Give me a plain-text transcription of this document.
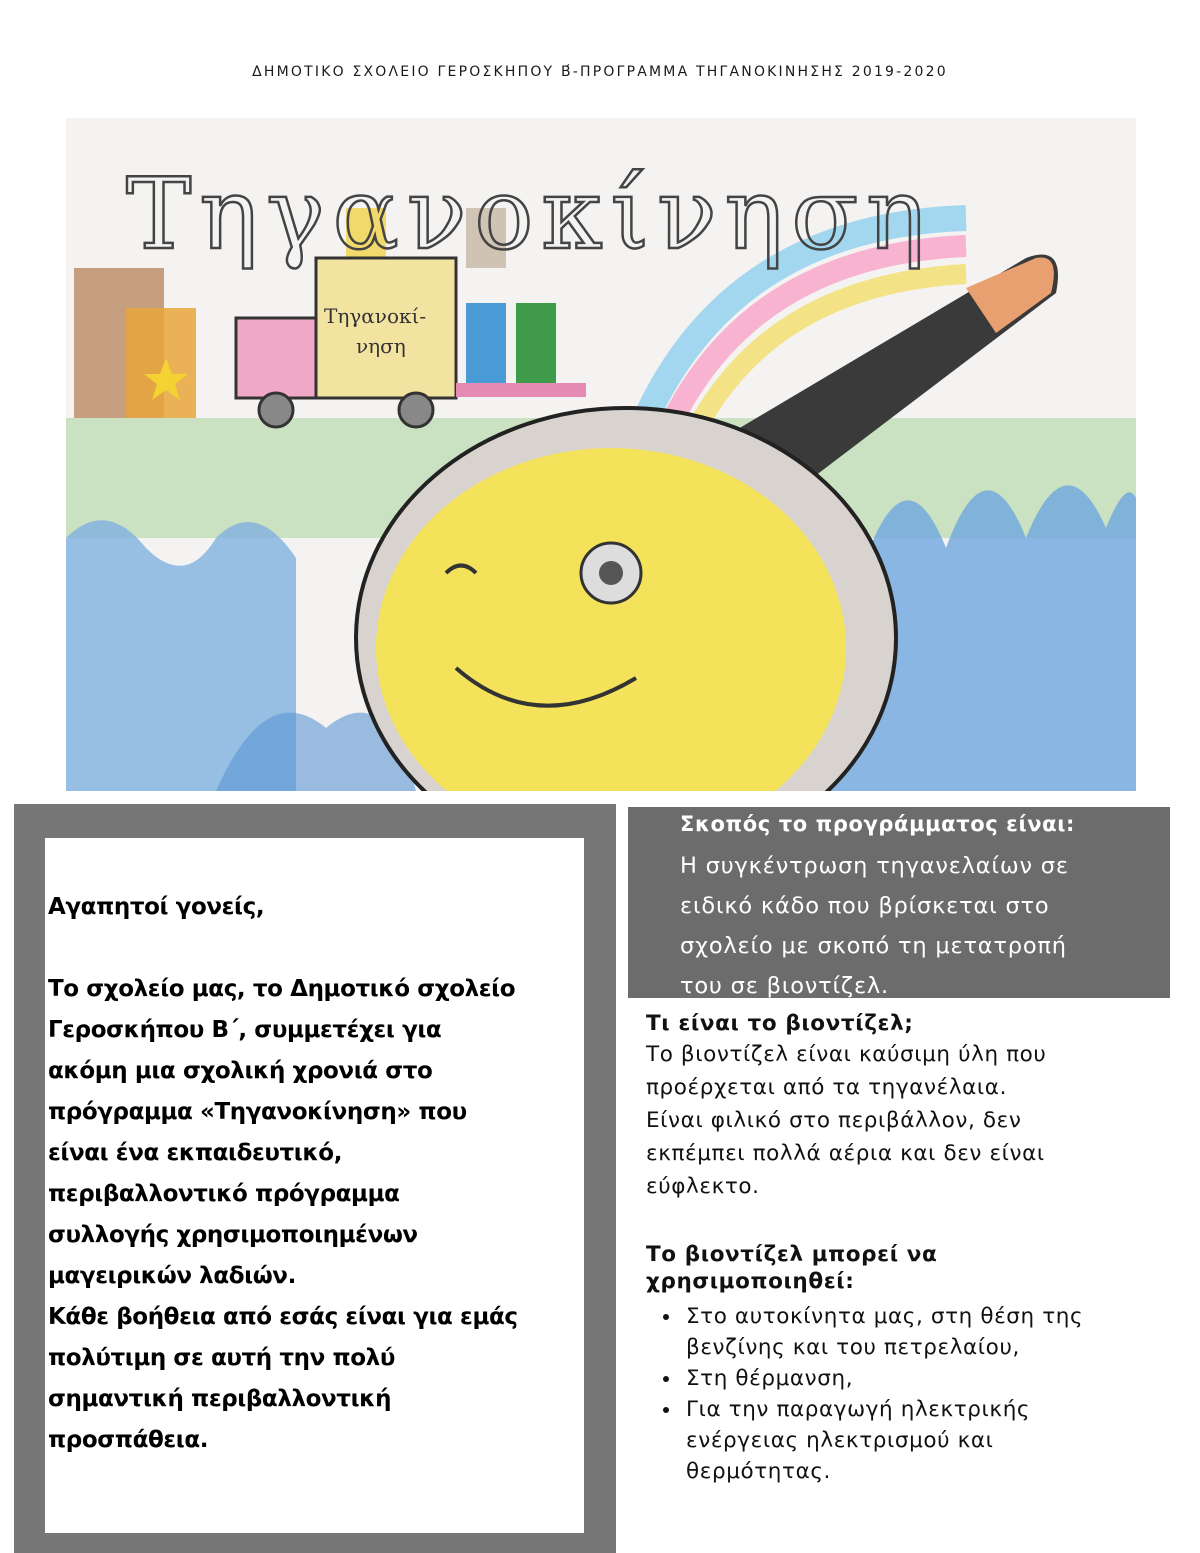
ΔΗΜΟΤΙΚΟ ΣΧΟΛΕΙΟ ΓΕΡΟΣΚΗΠΟΥ Β́-ΠΡΟΓΡΑΜΜΑ ΤΗΓΑΝΟΚΙΝΗΣΗΣ 2019-2020
Τηγανοκί-
νηση
Τηγανοκίνηση

Αγαπητοί γονείς,

Το σχολείο μας, το Δημοτικό σχολείο

Γεροσκήπου Β΄, συμμετέχει για

ακόμη μια σχολική χρονιά στο

πρόγραμμα «Τηγανοκίνηση» που

είναι ένα εκπαιδευτικό,

περιβαλλοντικό πρόγραμμα

συλλογής χρησιμοποιημένων

μαγειρικών λαδιών.

Κάθε βοήθεια από εσάς είναι για εμάς

πολύτιμη σε αυτή την πολύ

σημαντική περιβαλλοντική

προσπάθεια.

Σκοπός το προγράμματος είναι:
Η συγκέντρωση τηγανελαίων σε
ειδικό κάδο που βρίσκεται στο
σχολείο με σκοπό τη μετατροπή
του σε βιοντίζελ.
Τι είναι το βιοντίζελ;

Το βιοντίζελ είναι καύσιμη ύλη που

προέρχεται από τα τηγανέλαια.

Είναι φιλικό στο περιβάλλον, δεν

εκπέμπει πολλά αέρια και δεν είναι

εύφλεκτο.

Το βιοντίζελ μπορεί να
χρησιμοποιηθεί:
• Στο αυτοκίνητα μας, στη θέση της βενζίνης και του πετρελαίου,
• Στη θέρμανση,
• Για την παραγωγή ηλεκτρικής ενέργειας ηλεκτρισμού και θερμότητας.
